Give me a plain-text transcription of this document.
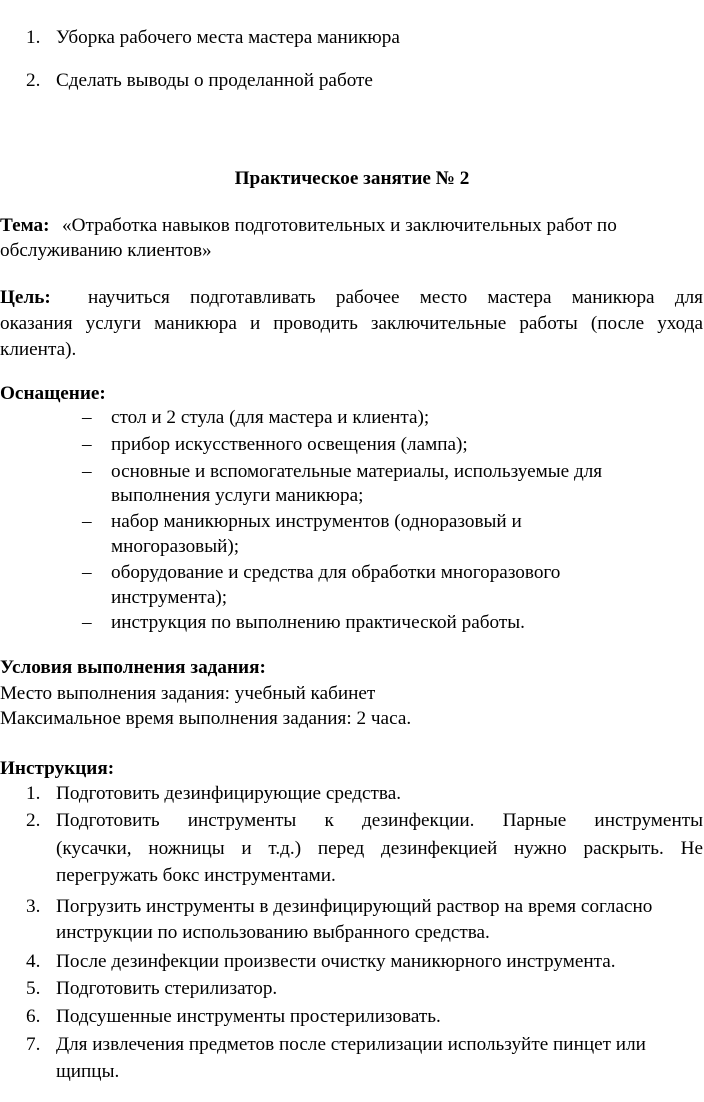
1. Уборка рабочего места мастера маникюра
2. Сделать выводы о проделанной работе
Практическое занятие № 2
Тема: «Отработка навыков подготовительных и заключительных работ по
обслуживанию клиентов»
Цель: научиться подготавливать рабочее место мастера маникюра для
оказания услуги маникюра и проводить заключительные работы (после ухода
клиента).
Оснащение:
– стол и 2 стула (для мастера и клиента);
– прибор искусственного освещения (лампа);
– основные и вспомогательные материалы, используемые для
выполнения услуги маникюра;
– набор маникюрных инструментов (одноразовый и
многоразовый);
– оборудование и средства для обработки многоразового
инструмента);
– инструкция по выполнению практической работы.
Условия выполнения задания:
Место выполнения задания: учебный кабинет
Максимальное время выполнения задания: 2 часа.
Инструкция:
1. Подготовить дезинфицирующие средства.
2. Подготовить инструменты к дезинфекции. Парные инструменты
(кусачки, ножницы и т.д.) перед дезинфекцией нужно раскрыть. Не
перегружать бокс инструментами.
3. Погрузить инструменты в дезинфицирующий раствор на время согласно
инструкции по использованию выбранного средства.
4. После дезинфекции произвести очистку маникюрного инструмента.
5. Подготовить стерилизатор.
6. Подсушенные инструменты простерилизовать.
7. Для извлечения предметов после стерилизации используйте пинцет или
щипцы.
